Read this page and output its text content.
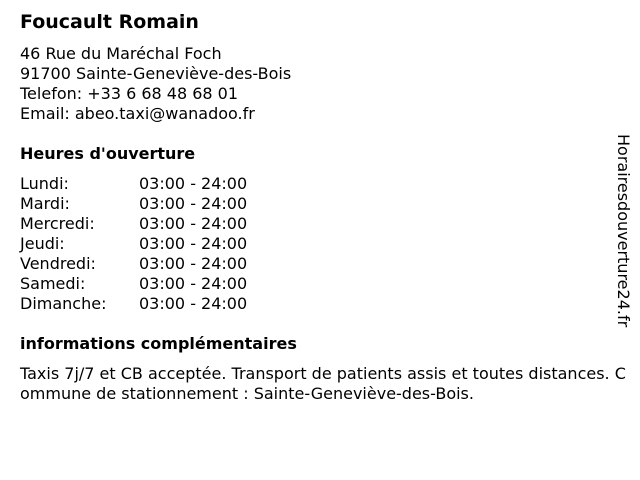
Foucault Romain
46 Rue du Maréchal Foch
91700 Sainte-Geneviève-des-Bois
Telefon: +33 6 68 48 68 01
Email: abeo.taxi@wanadoo.fr
Heures d'ouverture
Lundi:	03:00 - 24:00
Mardi:	03:00 - 24:00
Mercredi:	03:00 - 24:00
Jeudi:	03:00 - 24:00
Vendredi:	03:00 - 24:00
Samedi:	03:00 - 24:00
Dimanche:	03:00 - 24:00
informations complémentaires
Taxis 7j/7 et CB acceptée. Transport de patients assis et toutes distances. Commune de stationnement : Sainte-Geneviève-des-Bois.
Horairesdouverture24.fr
